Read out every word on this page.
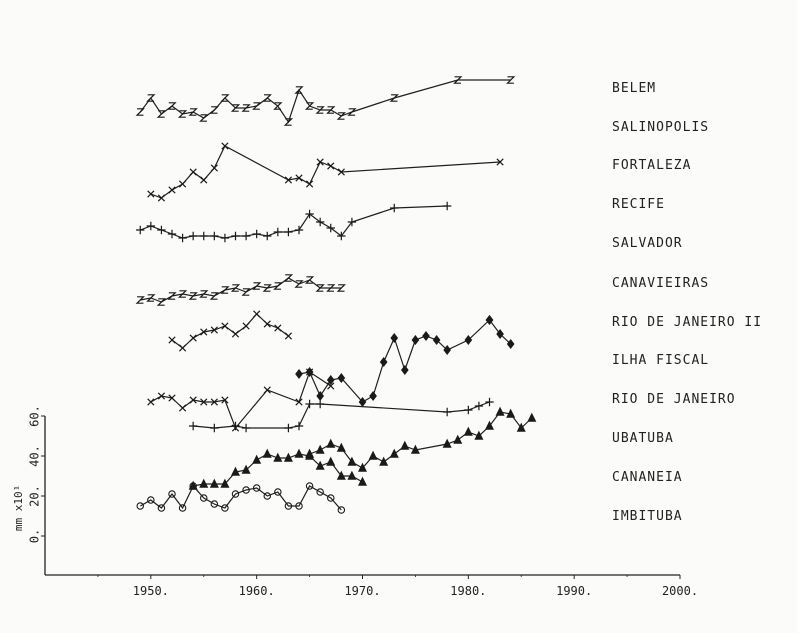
1950.	1960.	1970.	1980.	1990.	2000.
0.
20.
40.
60.
mm x10¹
BELEM
SALINOPOLIS
FORTALEZA
RECIFE
SALVADOR
CANAVIEIRAS
RIO DE JANEIRO II
ILHA FISCAL
RIO DE JANEIRO
UBATUBA
CANANEIA
IMBITUBA
